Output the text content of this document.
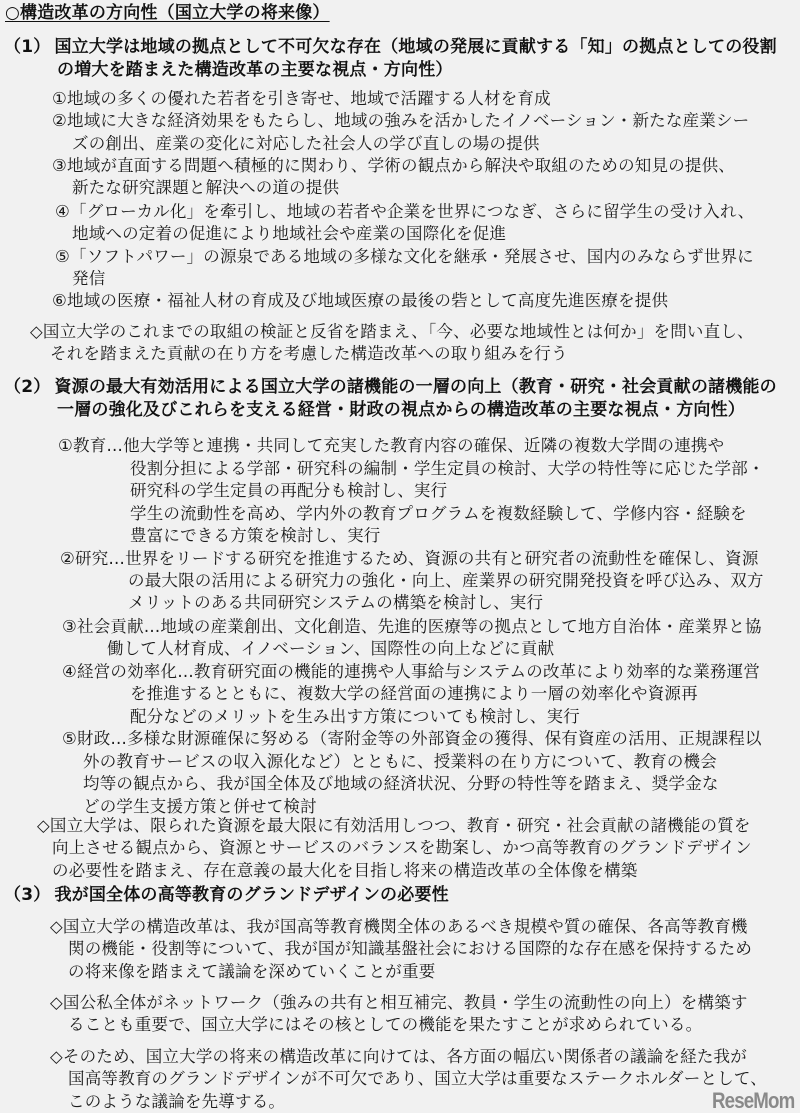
（1） 国立大学は地域の拠点として不可欠な存在（地域の発展に貢献する「知」の拠点としての役割
（2） 資源の最大有効活用による国立大学の諸機能の一層の向上（教育・研究・社会貢献の諸機能の
（3） 我が国全体の高等教育のグランドデザインの必要性
○構造改革の方向性（国立大学の将来像）
の増大を踏まえた構造改革の主要な視点・方向性）
①地域の多くの優れた若者を引き寄せ、地域で活躍する人材を育成
②地域に大きな経済効果をもたらし、地域の強みを活かしたイノベーション・新たな産業シー
ズの創出、産業の変化に対応した社会人の学び直しの場の提供
③地域が直面する問題へ積極的に関わり、学術の観点から解決や取組のための知見の提供、
新たな研究課題と解決への道の提供
④「グローカル化」を牽引し、地域の若者や企業を世界につなぎ、さらに留学生の受け入れ、
地域への定着の促進により地域社会や産業の国際化を促進
⑤「ソフトパワー」の源泉である地域の多様な文化を継承・発展させ、国内のみならず世界に
発信
⑥地域の医療・福祉人材の育成及び地域医療の最後の砦として高度先進医療を提供
◇国立大学のこれまでの取組の検証と反省を踏まえ、「今、必要な地域性とは何か」を問い直し、
それを踏まえた貢献の在り方を考慮した構造改革への取り組みを行う
一層の強化及びこれらを支える経営・財政の視点からの構造改革の主要な視点・方向性）
①教育…他大学等と連携・共同して充実した教育内容の確保、近隣の複数大学間の連携や
役割分担による学部・研究科の編制・学生定員の検討、大学の特性等に応じた学部・
研究科の学生定員の再配分も検討し、実行
学生の流動性を高め、学内外の教育プログラムを複数経験して、学修内容・経験を
豊富にできる方策を検討し、実行
②研究…世界をリードする研究を推進するため、資源の共有と研究者の流動性を確保し、資源
の最大限の活用による研究力の強化・向上、産業界の研究開発投資を呼び込み、双方
メリットのある共同研究システムの構築を検討し、実行
③社会貢献…地域の産業創出、文化創造、先進的医療等の拠点として地方自治体・産業界と協
働して人材育成、イノベーション、国際性の向上などに貢献
④経営の効率化…教育研究面の機能的連携や人事給与システムの改革により効率的な業務運営
を推進するとともに、複数大学の経営面の連携により一層の効率化や資源再
配分などのメリットを生み出す方策についても検討し、実行
⑤財政…多様な財源確保に努める（寄附金等の外部資金の獲得、保有資産の活用、正規課程以
外の教育サービスの収入源化など）とともに、授業料の在り方について、教育の機会
均等の観点から、我が国全体及び地域の経済状況、分野の特性等を踏まえ、奨学金な
どの学生支援方策と併せて検討
◇国立大学は、限られた資源を最大限に有効活用しつつ、教育・研究・社会貢献の諸機能の質を
向上させる観点から、資源とサービスのバランスを勘案し、かつ高等教育のグランドデザイン
の必要性を踏まえ、存在意義の最大化を目指し将来の構造改革の全体像を構築
◇国立大学の構造改革は、我が国高等教育機関全体のあるべき規模や質の確保、各高等教育機
関の機能・役割等について、我が国が知識基盤社会における国際的な存在感を保持するため
の将来像を踏まえて議論を深めていくことが重要
◇国公私全体がネットワーク（強みの共有と相互補完、教員・学生の流動性の向上）を構築す
ることも重要で、国立大学にはその核としての機能を果たすことが求められている。
◇そのため、国立大学の将来の構造改革に向けては、各方面の幅広い関係者の議論を経た我が
国高等教育のグランドデザインが不可欠であり、国立大学は重要なステークホルダーとして、
このような議論を先導する。	ReseMom
